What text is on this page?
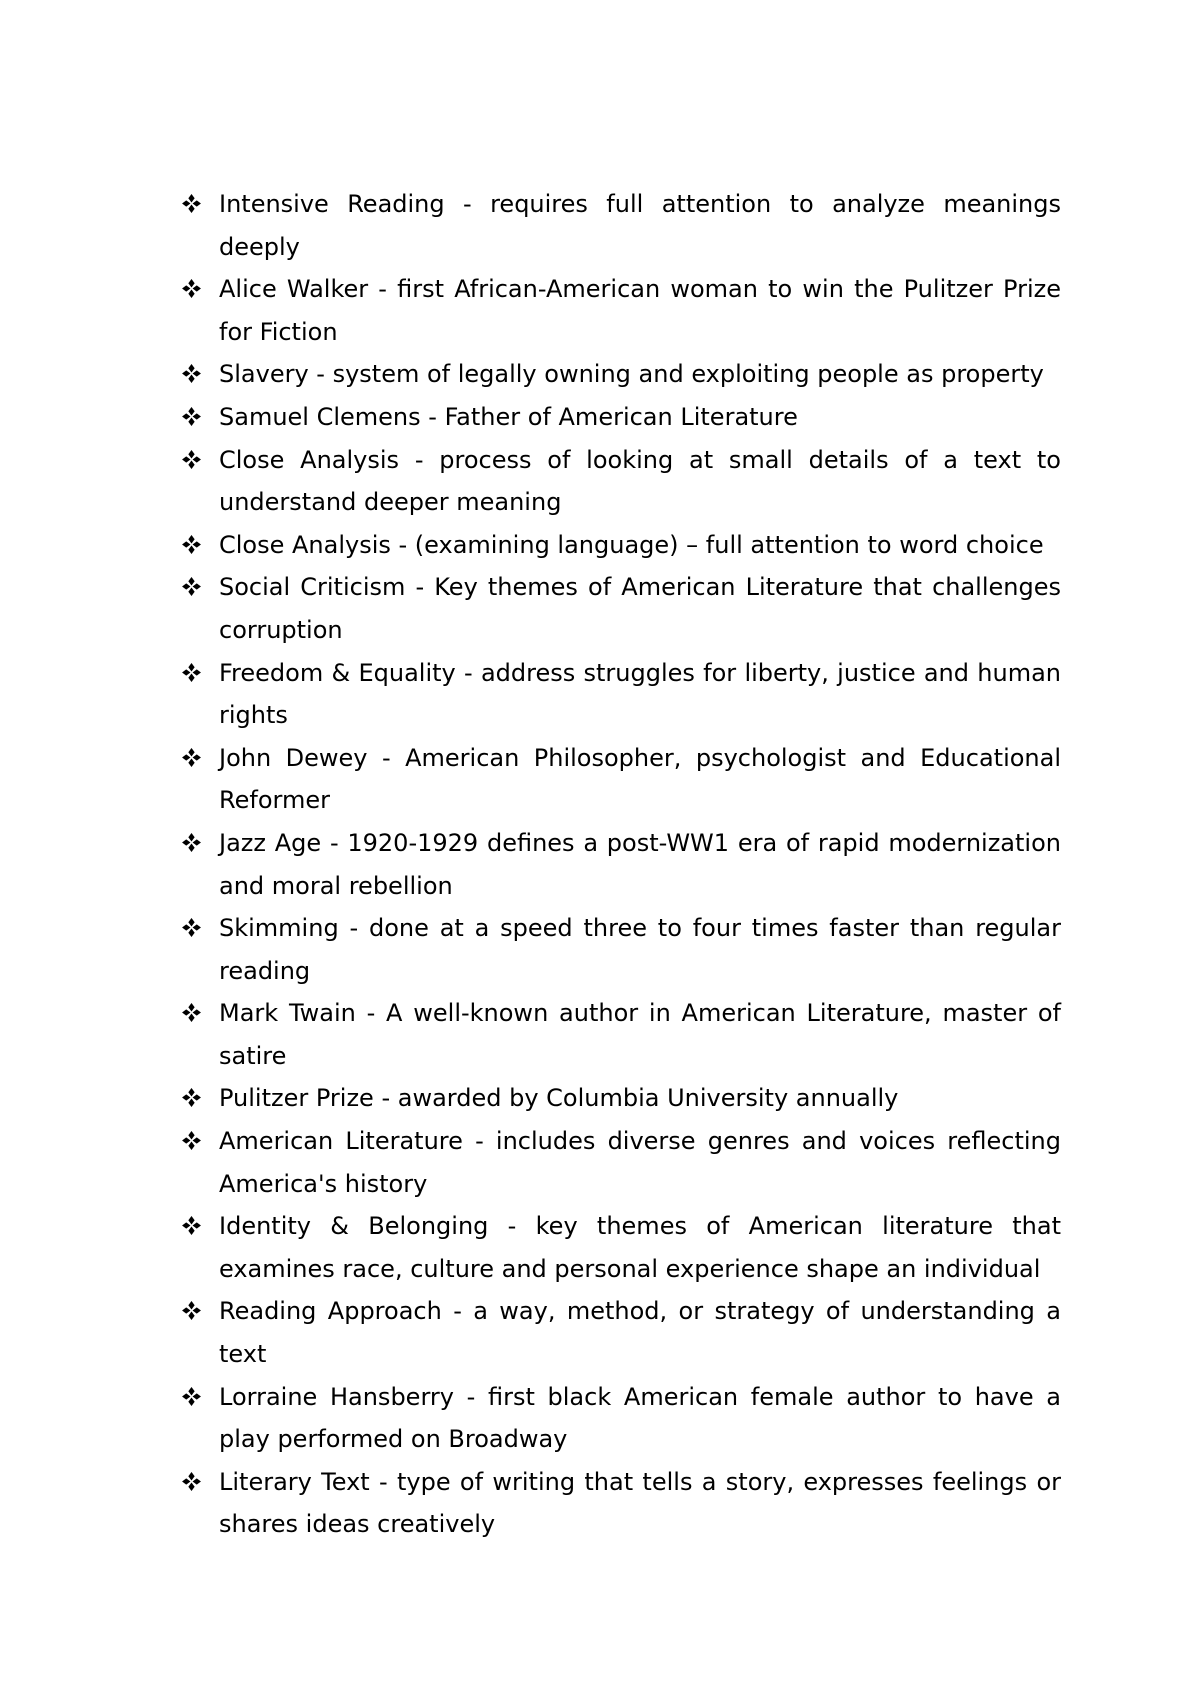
Intensive Reading - requires full attention to analyze meanings deeply
Alice Walker - first African-American woman to win the Pulitzer Prize for Fiction
Slavery - system of legally owning and exploiting people as property
Samuel Clemens - Father of American Literature
Close Analysis - process of looking at small details of a text to understand deeper meaning
Close Analysis - (examining language) – full attention to word choice
Social Criticism - Key themes of American Literature that challenges corruption
Freedom & Equality - address struggles for liberty, justice and human rights
John Dewey - American Philosopher, psychologist and Educational Reformer
Jazz Age - 1920-1929 defines a post-WW1 era of rapid modernization and moral rebellion
Skimming - done at a speed three to four times faster than regular reading
Mark Twain - A well-known author in American Literature, master of satire
Pulitzer Prize - awarded by Columbia University annually
American Literature - includes diverse genres and voices reflecting America's history
Identity & Belonging - key themes of American literature that examines race, culture and personal experience shape an individual
Reading Approach - a way, method, or strategy of understanding a text
Lorraine Hansberry - first black American female author to have a play performed on Broadway
Literary Text - type of writing that tells a story, expresses feelings or shares ideas creatively
